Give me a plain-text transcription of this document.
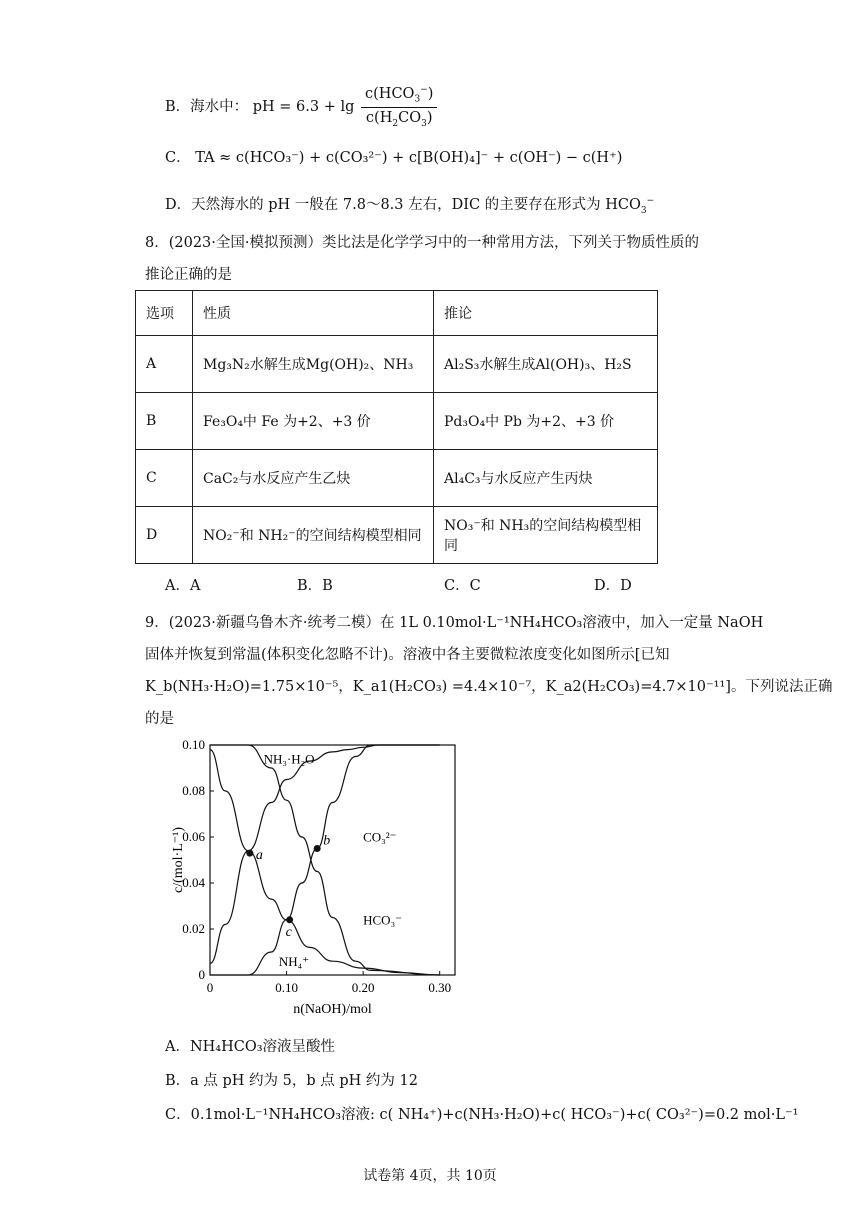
B．海水中： pH = $6.3 + \lg \frac{c(HCO_3^-)}{c(H_2CO_3)}$
C． TA ≈ c(HCO₃⁻) + c(CO₃²⁻) + c[B(OH)₄]⁻ + c(OH⁻) − c(H⁺)
D．天然海水的 pH 一般在 7.8～8.3 左右，DIC 的主要存在形式为 $HCO_3^-$
8．(2023·全国·模拟预测）类比法是化学学习中的一种常用方法，下列关于物质性质的
推论正确的是
选项	性质	推论
A	Mg₃N₂水解生成Mg(OH)₂、NH₃	Al₂S₃水解生成Al(OH)₃、H₂S
B	Fe₃O₄中 Fe 为+2、+3 价	Pd₃O₄中 Pb 为+2、+3 价
C	CaC₂与水反应产生乙炔	Al₄C₃与水反应产生丙炔
D	NO₂⁻和 NH₂⁻的空间结构模型相同	NO₃⁻和 NH₃的空间结构模型相同
A．A	B．B	C．C	D．D
9．(2023·新疆乌鲁木齐·统考二模）在 1L 0.10mol·L⁻¹NH₄HCO₃溶液中，加入一定量 NaOH
固体并恢复到常温(体积变化忽略不计)。溶液中各主要微粒浓度变化如图所示[已知
K_b(NH₃·H₂O)=1.75×10⁻⁵，K_a1(H₂CO₃) =4.4×10⁻⁷，K_a2(H₂CO₃)=4.7×10⁻¹¹]。下列说法正确
的是
0
0.02
0.04
0.06
0.08
0.10
0	0.10	0.20	0.30
n(NaOH)/mol
c/(mol·L⁻¹)
NH₃·H₂O
NH₄⁺
CO₃²⁻
HCO₃⁻
a
b
c
A．NH₄HCO₃溶液呈酸性
B．a 点 pH 约为 5，b 点 pH 约为 12
C．0.1mol·L⁻¹NH₄HCO₃溶液: c( NH₄⁺)+c(NH₃·H₂O)+c( HCO₃⁻)+c( CO₃²⁻)=0.2 mol·L⁻¹
试卷第 4页，共 10页
